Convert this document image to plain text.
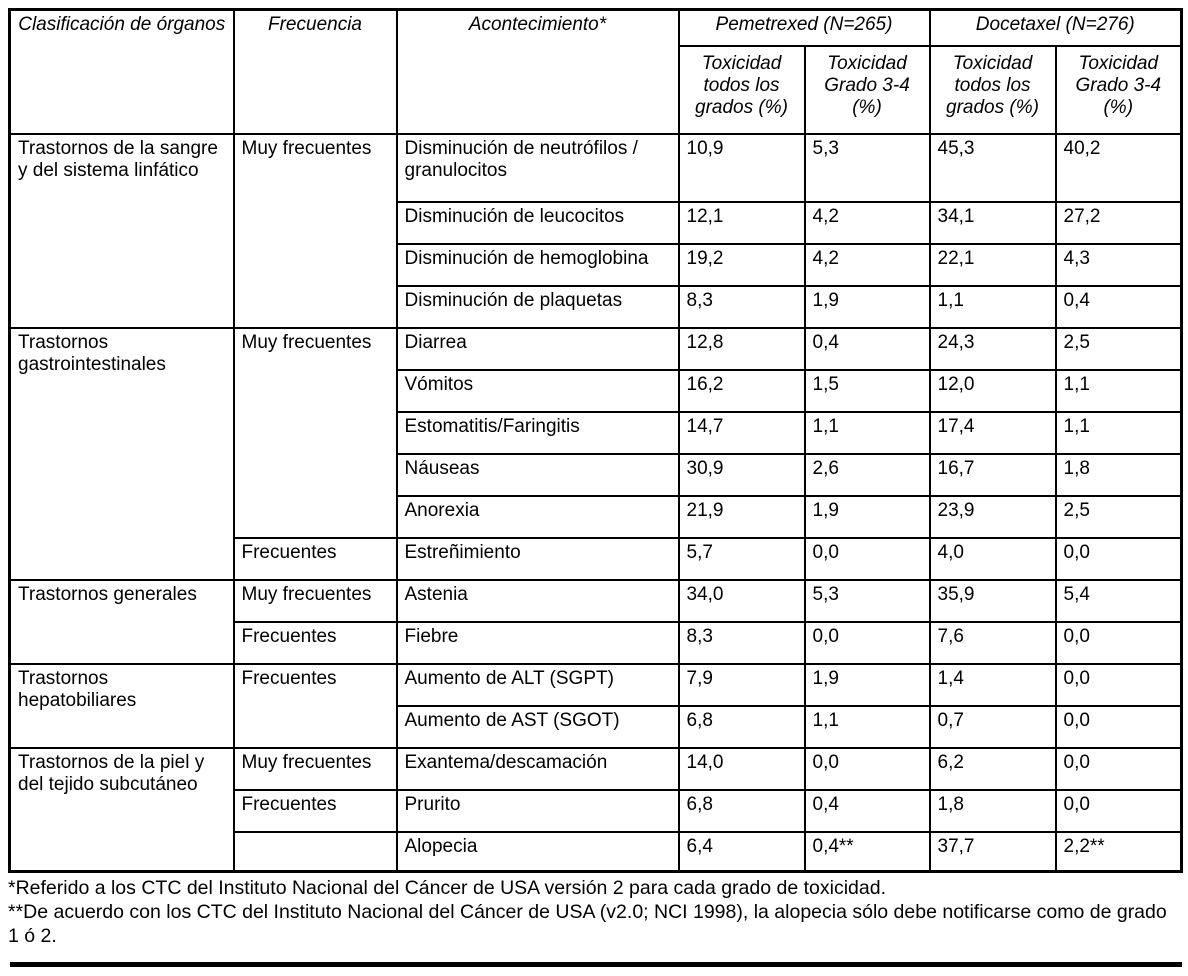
Clasificación de órganos	Frecuencia	Acontecimiento*	Pemetrexed (N=265)		Docetaxel (N=276)	
			Toxicidad todos los grados (%)	Toxicidad Grado 3-4 (%)	Toxicidad todos los grados (%)	Toxicidad Grado 3-4 (%)
Trastornos de la sangre y del sistema linfático	Muy frecuentes	Disminución de neutrófilos / granulocitos	10,9	5,3	45,3	40,2
		Disminución de leucocitos	12,1	4,2	34,1	27,2
		Disminución de hemoglobina	19,2	4,2	22,1	4,3
		Disminución de plaquetas	8,3	1,9	1,1	0,4
Trastornos gastrointestinales	Muy frecuentes	Diarrea	12,8	0,4	24,3	2,5
		Vómitos	16,2	1,5	12,0	1,1
		Estomatitis/Faringitis	14,7	1,1	17,4	1,1
		Náuseas	30,9	2,6	16,7	1,8
		Anorexia	21,9	1,9	23,9	2,5
	Frecuentes	Estreñimiento	5,7	0,0	4,0	0,0
Trastornos generales	Muy frecuentes	Astenia	34,0	5,3	35,9	5,4
	Frecuentes	Fiebre	8,3	0,0	7,6	0,0
Trastornos hepatobiliares	Frecuentes	Aumento de ALT (SGPT)	7,9	1,9	1,4	0,0
		Aumento de AST (SGOT)	6,8	1,1	0,7	0,0
Trastornos de la piel y del tejido subcutáneo	Muy frecuentes	Exantema/descamación	14,0	0,0	6,2	0,0
	Frecuentes	Prurito	6,8	0,4	1,8	0,0
		Alopecia	6,4	0,4**	37,7	2,2**

*Referido a los CTC del Instituto Nacional del Cáncer de USA versión 2 para cada grado de toxicidad.

**De acuerdo con los CTC del Instituto Nacional del Cáncer de USA (v2.0; NCI 1998), la alopecia sólo debe notificarse como de grado 1 ó 2.
